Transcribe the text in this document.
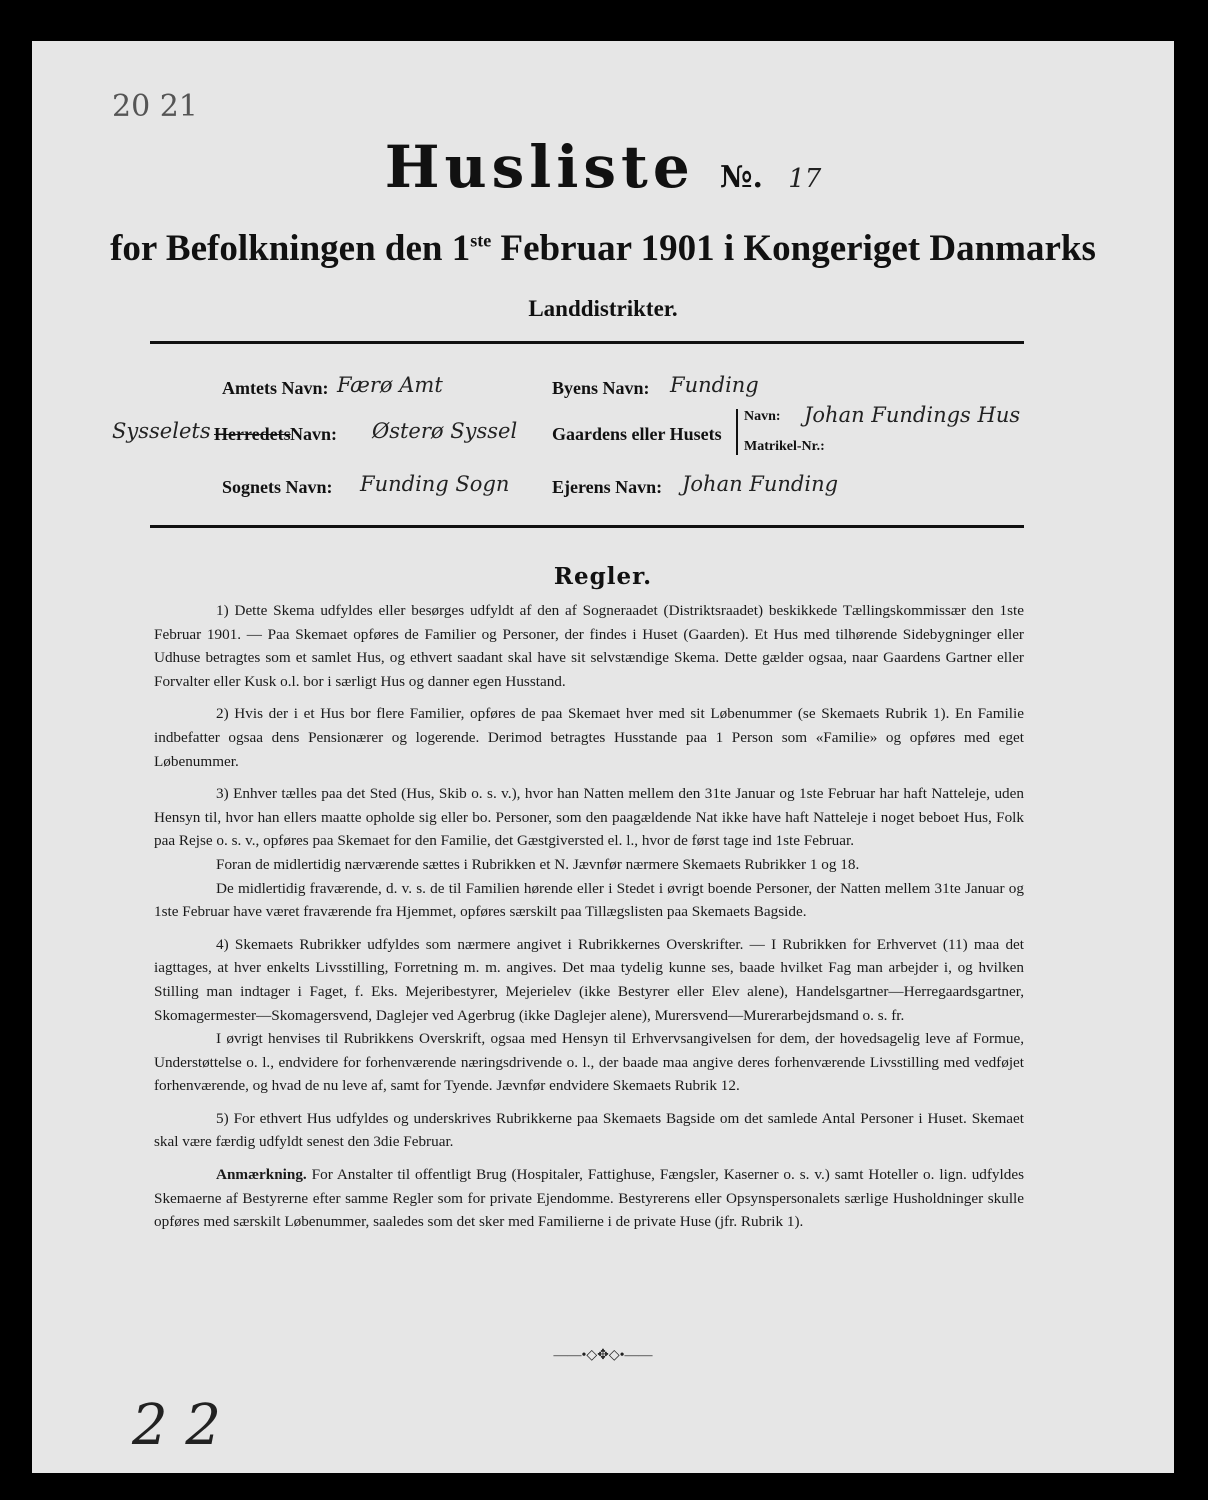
20 21
Husliste №. 17
for Befolkningen den 1ste Februar 1901 i Kongeriget Danmarks
Landdistrikter.
Amtets Navn: Færø Amt	Byens Navn: Funding
Sysselets Herredets Navn: Østerø Syssel Gaardens eller Husets
Navn: Johan Fundings Hus
Matrikel-Nr.:
Sognets Navn: Funding Sogn Ejerens Navn: Johan Funding
Regler.

1) Dette Skema udfyldes eller besørges udfyldt af den af Sogneraadet (Distriktsraadet) beskikkede Tællingskommissær den 1ste Februar 1901. — Paa Skemaet opføres de Familier og Personer, der findes i Huset (Gaarden). Et Hus med tilhørende Sidebygninger eller Udhuse betragtes som et samlet Hus, og ethvert saadant skal have sit selvstændige Skema. Dette gælder ogsaa, naar Gaardens Gartner eller Forvalter eller Kusk o.l. bor i særligt Hus og danner egen Husstand.

2) Hvis der i et Hus bor flere Familier, opføres de paa Skemaet hver med sit Løbenummer (se Skemaets Rubrik 1). En Familie indbefatter ogsaa dens Pensionærer og logerende. Derimod betragtes Husstande paa 1 Person som «Familie» og opføres med eget Løbenummer.

3) Enhver tælles paa det Sted (Hus, Skib o. s. v.), hvor han Natten mellem den 31te Januar og 1ste Februar har haft Natteleje, uden Hensyn til, hvor han ellers maatte opholde sig eller bo. Personer, som den paagældende Nat ikke have haft Natteleje i noget beboet Hus, Folk paa Rejse o. s. v., opføres paa Skemaet for den Familie, det Gæstgiversted el. l., hvor de først tage ind 1ste Februar.

Foran de midlertidig nærværende sættes i Rubrikken et N. Jævnfør nærmere Skemaets Rubrikker 1 og 18.

De midlertidig fraværende, d. v. s. de til Familien hørende eller i Stedet i øvrigt boende Personer, der Natten mellem 31te Januar og 1ste Februar have været fraværende fra Hjemmet, opføres særskilt paa Tillægslisten paa Skemaets Bagside.

4) Skemaets Rubrikker udfyldes som nærmere angivet i Rubrikkernes Overskrifter. — I Rubrikken for Erhvervet (11) maa det iagttages, at hver enkelts Livsstilling, Forretning m. m. angives. Det maa tydelig kunne ses, baade hvilket Fag man arbejder i, og hvilken Stilling man indtager i Faget, f. Eks. Mejeribestyrer, Mejerielev (ikke Bestyrer eller Elev alene), Handelsgartner—Herregaardsgartner, Skomagermester—Skomagersvend, Daglejer ved Agerbrug (ikke Daglejer alene), Murersvend—Murerarbejdsmand o. s. fr.

I øvrigt henvises til Rubrikkens Overskrift, ogsaa med Hensyn til Erhvervsangivelsen for dem, der hovedsagelig leve af Formue, Understøttelse o. l., endvidere for forhenværende næringsdrivende o. l., der baade maa angive deres forhenværende Livsstilling med vedføjet forhenværende, og hvad de nu leve af, samt for Tyende. Jævnfør endvidere Skemaets Rubrik 12.

5) For ethvert Hus udfyldes og underskrives Rubrikkerne paa Skemaets Bagside om det samlede Antal Personer i Huset. Skemaet skal være færdig udfyldt senest den 3die Februar.

Anmærkning. For Anstalter til offentligt Brug (Hospitaler, Fattighuse, Fængsler, Kaserner o. s. v.) samt Hoteller o. lign. udfyldes Skemaerne af Bestyrerne efter samme Regler som for private Ejendomme. Bestyrerens eller Opsynspersonalets særlige Husholdninger skulle opføres med særskilt Løbenummer, saaledes som det sker med Familierne i de private Huse (jfr. Rubrik 1).

——•◇✥◇•——
2 2
